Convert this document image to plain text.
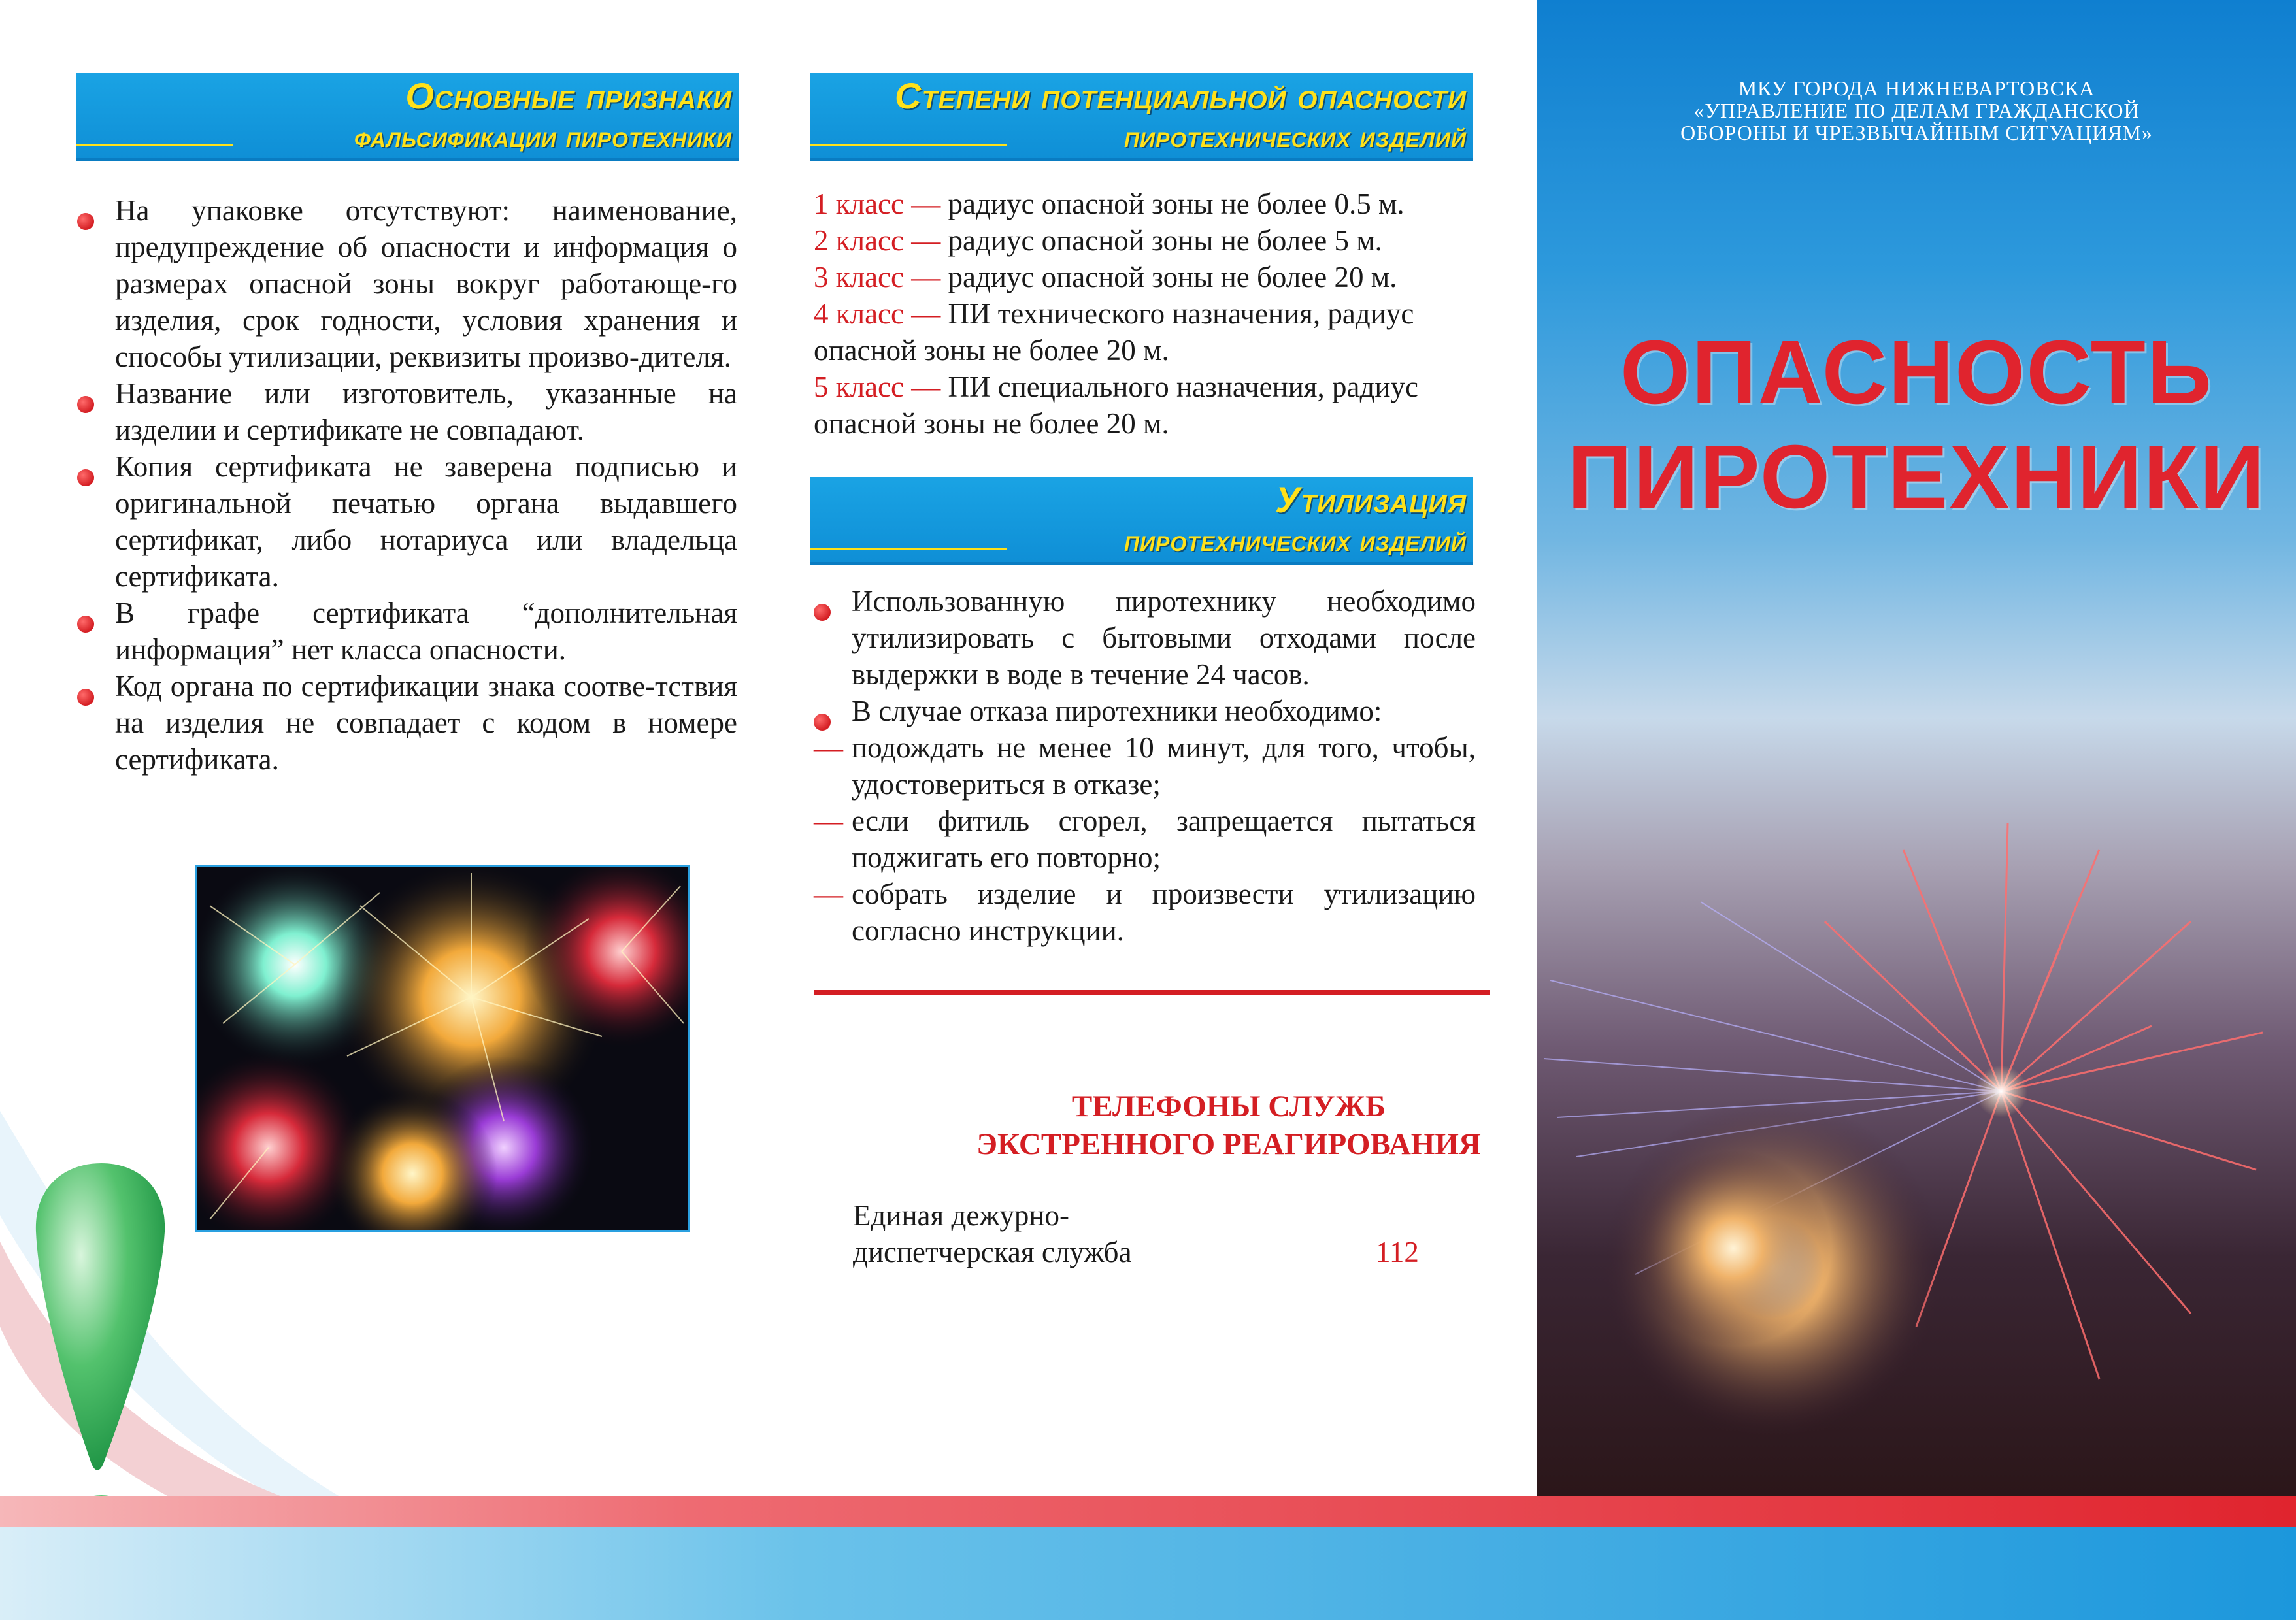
Основные признаки
фальсификации пиротехники
На упаковке отсутствуют: наименование, предупреждение об опасности и информация о размерах опасной зоны вокруг работающе-го изделия, срок годности, условия хранения и способы утилизации, реквизиты произво-дителя.
Название или изготовитель, указанные на изделии и сертификате не совпадают.
Копия сертификата не заверена подписью и оригинальной печатью органа выдавшего сертификат, либо нотариуса или владельца сертификата.
В графе сертификата “дополнительная информация” нет класса опасности.
Код органа по сертификации знака соотве-тствия на изделия не совпадает с кодом в номере сертификата.
Степени потенциальной опасности
пиротехнических изделий
1 класс — радиус опасной зоны не более 0.5 м.
2 класс — радиус опасной зоны не более 5 м.
3 класс — радиус опасной зоны не более 20 м.
4 класс — ПИ технического назначения, радиус опасной зоны не более 20 м.
5 класс — ПИ специального назначения, радиус опасной зоны не более 20 м.
Утилизация
пиротехнических изделий
Использованную пиротехнику необходимо утилизировать с бытовыми отходами после выдержки в воде в течение 24 часов.
В случае отказа пиротехники необходимо:
— подождать не менее 10 минут, для того, чтобы, удостовериться в отказе;
— если фитиль сгорел, запрещается пытаться поджигать его повторно;
— собрать изделие и произвести утилизацию согласно инструкции.
ТЕЛЕФОНЫ СЛУЖБ
ЭКСТРЕННОГО РЕАГИРОВАНИЯ
Единая дежурно-
диспетчерская служба	112
МКУ ГОРОДА НИЖНЕВАРТОВСКА
«УПРАВЛЕНИЕ ПО ДЕЛАМ ГРАЖДАНСКОЙ
ОБОРОНЫ И ЧРЕЗВЫЧАЙНЫМ СИТУАЦИЯМ»
ОПАСНОСТЬ
ПИРОТЕХНИКИ
